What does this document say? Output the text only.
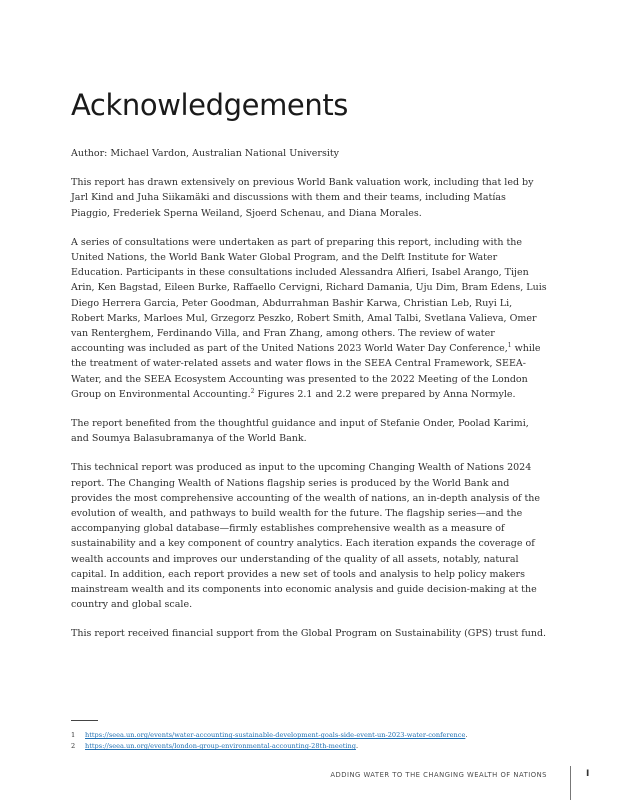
Acknowledgements

Author: Michael Vardon, Australian National University

This report has drawn extensively on previous World Bank valuation work, including that led by Jarl Kind and Juha Siikamäki and discussions with them and their teams, including Matías Piaggio, Frederiek Sperna Weiland, Sjoerd Schenau, and Diana Morales.

A series of consultations were undertaken as part of preparing this report, including with the United Nations, the World Bank Water Global Program, and the Delft Institute for Water Education. Participants in these consultations included Alessandra Alfieri, Isabel Arango, Tijen Arin, Ken Bagstad, Eileen Burke, Raffaello Cervigni, Richard Damania, Uju Dim, Bram Edens, Luis Diego Herrera Garcia, Peter Goodman, Abdurrahman Bashir Karwa, Christian Leb, Ruyi Li, Robert Marks, Marloes Mul, Grzegorz Peszko, Robert Smith, Amal Talbi, Svetlana Valieva, Omer van Renterghem, Ferdinando Villa, and Fran Zhang, among others. The review of water accounting was included as part of the United Nations 2023 World Water Day Conference,$^1$ while the treatment of water-related assets and water flows in the SEEA Central Framework, SEEA-Water, and the SEEA Ecosystem Accounting was presented to the 2022 Meeting of the London Group on Environmental Accounting.$^2$ Figures 2.1 and 2.2 were prepared by Anna Normyle.

The report benefited from the thoughtful guidance and input of Stefanie Onder, Poolad Karimi, and Soumya Balasubramanya of the World Bank.

This technical report was produced as input to the upcoming Changing Wealth of Nations 2024 report. The Changing Wealth of Nations flagship series is produced by the World Bank and provides the most comprehensive accounting of the wealth of nations, an in-depth analysis of the evolution of wealth, and pathways to build wealth for the future. The flagship series—and the accompanying global database—firmly establishes comprehensive wealth as a measure of sustainability and a key component of country analytics. Each iteration expands the coverage of wealth accounts and improves our understanding of the quality of all assets, notably, natural capital. In addition, each report provides a new set of tools and analysis to help policy makers mainstream wealth and its components into economic analysis and guide decision-making at the country and global scale.

This report received financial support from the Global Program on Sustainability (GPS) trust fund.

1	https://seea.un.org/events/water-accounting-sustainable-development-goals-side-event-un-2023-water-conference.
2	https://seea.un.org/events/london-group-environmental-accounting-28th-meeting.
ADDING WATER TO THE CHANGING WEALTH OF NATIONS	I
